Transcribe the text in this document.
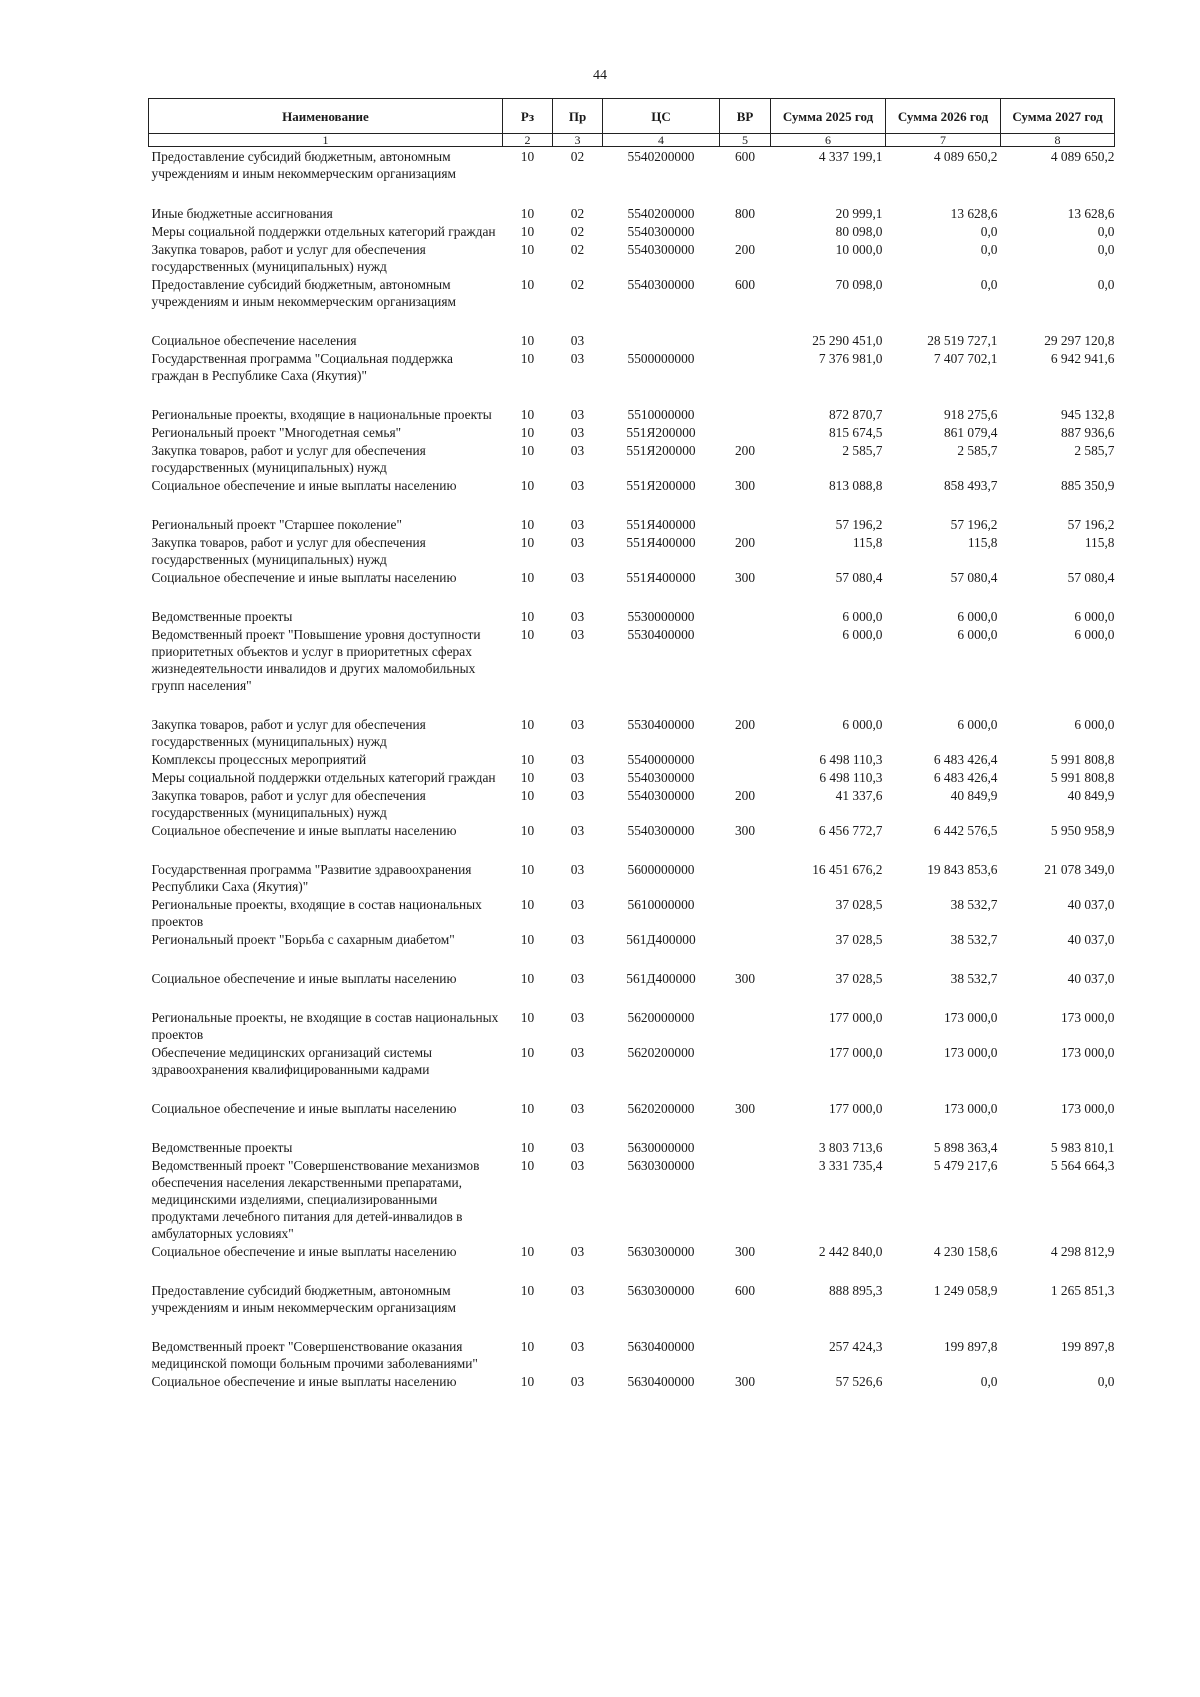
44
Наименование	Рз	Пр	ЦС	ВР	Сумма 2025 год	Сумма 2026 год	Сумма 2027 год
1	2	3	4	5	6	7	8
Предоставление субсидий бюджетным, автономным учреждениям и иным некоммерческим организациям	10	02	5540200000	600	4 337 199,1	4 089 650,2	4 089 650,2

Иные бюджетные ассигнования	10	02	5540200000	800	20 999,1	13 628,6	13 628,6
Меры социальной поддержки отдельных категорий граждан	10	02	5540300000		80 098,0	0,0	0,0
Закупка товаров, работ и услуг для обеспечения государственных (муниципальных) нужд	10	02	5540300000	200	10 000,0	0,0	0,0
Предоставление субсидий бюджетным, автономным учреждениям и иным некоммерческим организациям	10	02	5540300000	600	70 098,0	0,0	0,0

Социальное обеспечение населения	10	03			25 290 451,0	28 519 727,1	29 297 120,8
Государственная программа "Социальная поддержка граждан в Республике Саха (Якутия)"	10	03	5500000000		7 376 981,0	7 407 702,1	6 942 941,6

Региональные проекты, входящие в национальные проекты	10	03	5510000000		872 870,7	918 275,6	945 132,8
Региональный проект "Многодетная семья"	10	03	551Я200000		815 674,5	861 079,4	887 936,6
Закупка товаров, работ и услуг для обеспечения государственных (муниципальных) нужд	10	03	551Я200000	200	2 585,7	2 585,7	2 585,7
Социальное обеспечение и иные выплаты населению	10	03	551Я200000	300	813 088,8	858 493,7	885 350,9

Региональный проект "Старшее поколение"	10	03	551Я400000		57 196,2	57 196,2	57 196,2
Закупка товаров, работ и услуг для обеспечения государственных (муниципальных) нужд	10	03	551Я400000	200	115,8	115,8	115,8
Социальное обеспечение и иные выплаты населению	10	03	551Я400000	300	57 080,4	57 080,4	57 080,4

Ведомственные проекты	10	03	5530000000		6 000,0	6 000,0	6 000,0
Ведомственный проект "Повышение уровня доступности приоритетных объектов и услуг в приоритетных сферах жизнедеятельности инвалидов и других маломобильных групп населения"	10	03	5530400000		6 000,0	6 000,0	6 000,0

Закупка товаров, работ и услуг для обеспечения государственных (муниципальных) нужд	10	03	5530400000	200	6 000,0	6 000,0	6 000,0
Комплексы процессных мероприятий	10	03	5540000000		6 498 110,3	6 483 426,4	5 991 808,8
Меры социальной поддержки отдельных категорий граждан	10	03	5540300000		6 498 110,3	6 483 426,4	5 991 808,8
Закупка товаров, работ и услуг для обеспечения государственных (муниципальных) нужд	10	03	5540300000	200	41 337,6	40 849,9	40 849,9
Социальное обеспечение и иные выплаты населению	10	03	5540300000	300	6 456 772,7	6 442 576,5	5 950 958,9

Государственная программа "Развитие здравоохранения Республики Саха (Якутия)"	10	03	5600000000		16 451 676,2	19 843 853,6	21 078 349,0
Региональные проекты, входящие в состав национальных проектов	10	03	5610000000		37 028,5	38 532,7	40 037,0
Региональный проект "Борьба с сахарным диабетом"	10	03	561Д400000		37 028,5	38 532,7	40 037,0

Социальное обеспечение и иные выплаты населению	10	03	561Д400000	300	37 028,5	38 532,7	40 037,0

Региональные проекты, не входящие в состав национальных проектов	10	03	5620000000		177 000,0	173 000,0	173 000,0
Обеспечение медицинских организаций системы здравоохранения квалифицированными кадрами	10	03	5620200000		177 000,0	173 000,0	173 000,0

Социальное обеспечение и иные выплаты населению	10	03	5620200000	300	177 000,0	173 000,0	173 000,0

Ведомственные проекты	10	03	5630000000		3 803 713,6	5 898 363,4	5 983 810,1
Ведомственный проект "Совершенствование механизмов обеспечения населения лекарственными препаратами, медицинскими изделиями, специализированными продуктами лечебного питания для детей-инвалидов в амбулаторных условиях"	10	03	5630300000		3 331 735,4	5 479 217,6	5 564 664,3
Социальное обеспечение и иные выплаты населению	10	03	5630300000	300	2 442 840,0	4 230 158,6	4 298 812,9

Предоставление субсидий бюджетным, автономным учреждениям и иным некоммерческим организациям	10	03	5630300000	600	888 895,3	1 249 058,9	1 265 851,3

Ведомственный проект "Совершенствование оказания медицинской помощи больным прочими заболеваниями"	10	03	5630400000		257 424,3	199 897,8	199 897,8
Социальное обеспечение и иные выплаты населению	10	03	5630400000	300	57 526,6	0,0	0,0
